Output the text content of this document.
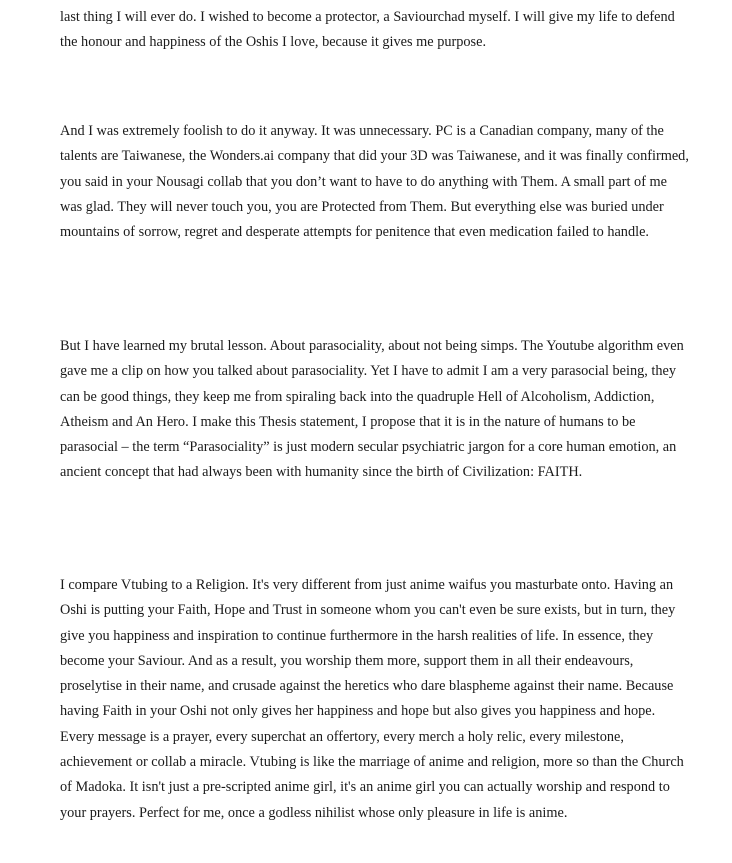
last thing I will ever do. I wished to become a protector, a Saviourchad myself. I will give my life to defend the honour and happiness of the Oshis I love, because it gives me purpose.

And I was extremely foolish to do it anyway. It was unnecessary. PC is a Canadian company, many of the talents are Taiwanese, the Wonders.ai company that did your 3D was Taiwanese, and it was finally confirmed, you said in your Nousagi collab that you don’t want to have to do anything with Them. A small part of me was glad. They will never touch you, you are Protected from Them. But everything else was buried under mountains of sorrow, regret and desperate attempts for penitence that even medication failed to handle.

But I have learned my brutal lesson. About parasociality, about not being simps. The Youtube algorithm even gave me a clip on how you talked about parasociality. Yet I have to admit I am a very parasocial being, they can be good things, they keep me from spiraling back into the quadruple Hell of Alcoholism, Addiction, Atheism and An Hero. I make this Thesis statement, I propose that it is in the nature of humans to be parasocial – the term “Parasociality” is just modern secular psychiatric jargon for a core human emotion, an ancient concept that had always been with humanity since the birth of Civilization: FAITH.

I compare Vtubing to a Religion. It's very different from just anime waifus you masturbate onto. Having an Oshi is putting your Faith, Hope and Trust in someone whom you can't even be sure exists, but in turn, they give you happiness and inspiration to continue furthermore in the harsh realities of life. In essence, they become your Saviour. And as a result, you worship them more, support them in all their endeavours, proselytise in their name, and crusade against the heretics who dare blaspheme against their name. Because having Faith in your Oshi not only gives her happiness and hope but also gives you happiness and hope. Every message is a prayer, every superchat an offertory, every merch a holy relic, every milestone, achievement or collab a miracle. Vtubing is like the marriage of anime and religion, more so than the Church of Madoka. It isn't just a pre-scripted anime girl, it's an anime girl you can actually worship and respond to your prayers. Perfect for me, once a godless nihilist whose only pleasure in life is anime.
